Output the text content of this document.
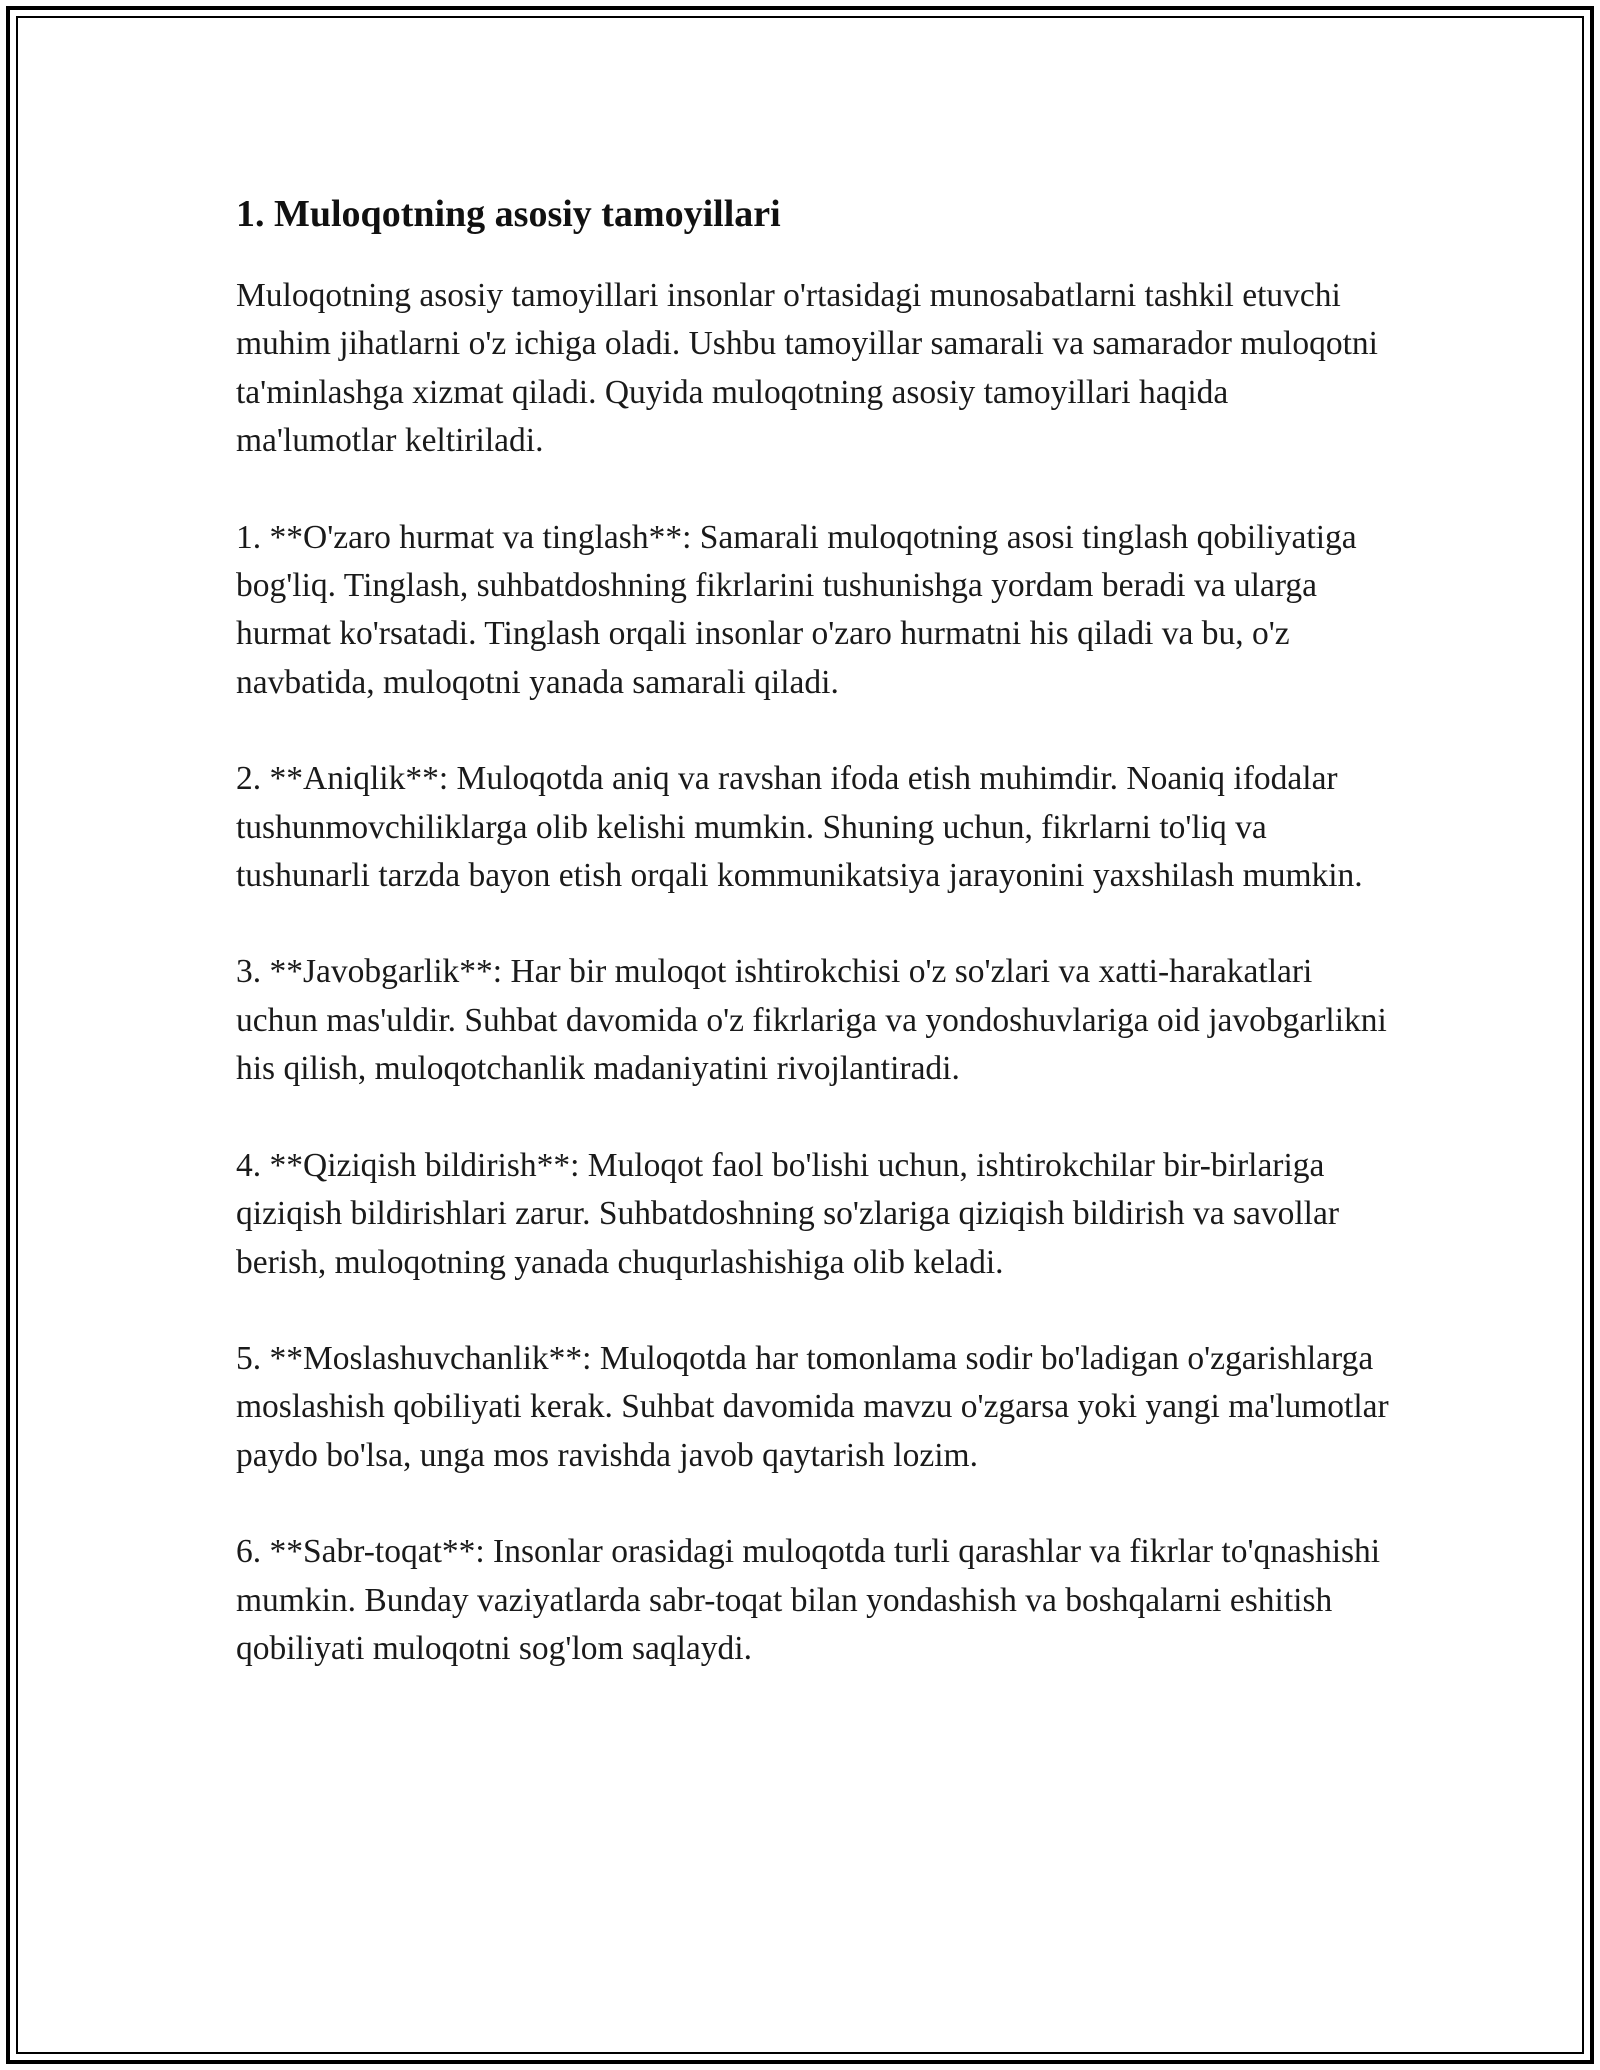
1. Muloqotning asosiy tamoyillari

Muloqotning asosiy tamoyillari insonlar o'rtasidagi munosabatlarni tashkil etuvchi muhim jihatlarni o'z ichiga oladi. Ushbu tamoyillar samarali va samarador muloqotni ta'minlashga xizmat qiladi. Quyida muloqotning asosiy tamoyillari haqida ma'lumotlar keltiriladi.

1. **O'zaro hurmat va tinglash**: Samarali muloqotning asosi tinglash qobiliyatiga bog'liq. Tinglash, suhbatdoshning fikrlarini tushunishga yordam beradi va ularga hurmat ko'rsatadi. Tinglash orqali insonlar o'zaro hurmatni his qiladi va bu, o'z navbatida, muloqotni yanada samarali qiladi.

2. **Aniqlik**: Muloqotda aniq va ravshan ifoda etish muhimdir. Noaniq ifodalar tushunmovchiliklarga olib kelishi mumkin. Shuning uchun, fikrlarni to'liq va tushunarli tarzda bayon etish orqali kommunikatsiya jarayonini yaxshilash mumkin.

3. **Javobgarlik**: Har bir muloqot ishtirokchisi o'z so'zlari va xatti-harakatlari uchun mas'uldir. Suhbat davomida o'z fikrlariga va yondoshuvlariga oid javobgarlikni his qilish, muloqotchanlik madaniyatini rivojlantiradi.

4. **Qiziqish bildirish**: Muloqot faol bo'lishi uchun, ishtirokchilar bir-birlariga qiziqish bildirishlari zarur. Suhbatdoshning so'zlariga qiziqish bildirish va savollar berish, muloqotning yanada chuqurlashishiga olib keladi.

5. **Moslashuvchanlik**: Muloqotda har tomonlama sodir bo'ladigan o'zgarishlarga moslashish qobiliyati kerak. Suhbat davomida mavzu o'zgarsa yoki yangi ma'lumotlar paydo bo'lsa, unga mos ravishda javob qaytarish lozim.

6. **Sabr-toqat**: Insonlar orasidagi muloqotda turli qarashlar va fikrlar to'qnashishi mumkin. Bunday vaziyatlarda sabr-toqat bilan yondashish va boshqalarni eshitish qobiliyati muloqotni sog'lom saqlaydi.
